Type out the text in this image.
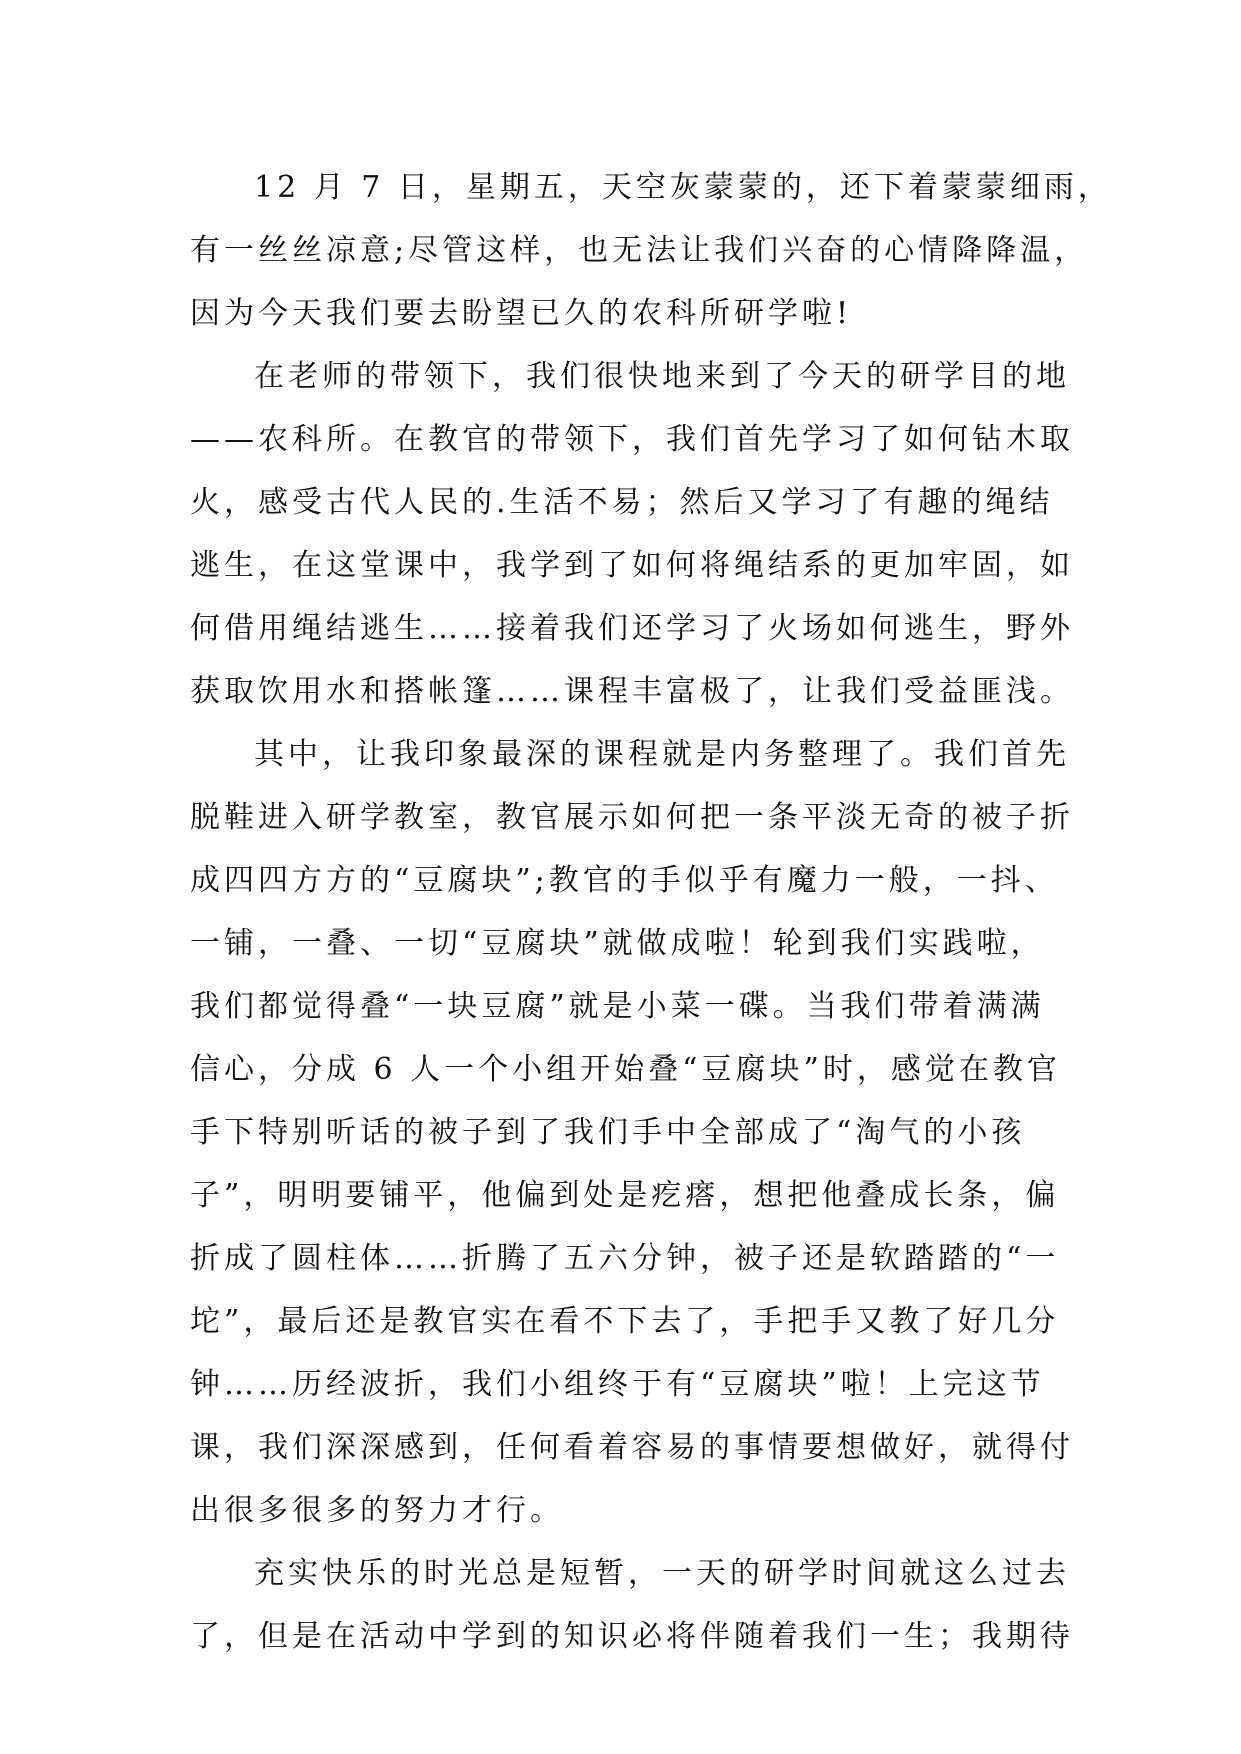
12 月 7 日，星期五，天空灰蒙蒙的，还下着蒙蒙细雨，
有一丝丝凉意;尽管这样，也无法让我们兴奋的心情降降温，
因为今天我们要去盼望已久的农科所研学啦!

在老师的带领下，我们很快地来到了今天的研学目的地
——农科所。在教官的带领下，我们首先学习了如何钻木取
火，感受古代人民的.生活不易；然后又学习了有趣的绳结
逃生，在这堂课中，我学到了如何将绳结系的更加牢固，如
何借用绳结逃生……接着我们还学习了火场如何逃生，野外
获取饮用水和搭帐篷……课程丰富极了，让我们受益匪浅。

其中，让我印象最深的课程就是内务整理了。我们首先
脱鞋进入研学教室，教官展示如何把一条平淡无奇的被子折
成四四方方的“豆腐块”;教官的手似乎有魔力一般，一抖、
一铺，一叠、一切“豆腐块”就做成啦！轮到我们实践啦，
我们都觉得叠“一块豆腐”就是小菜一碟。当我们带着满满
信心，分成 6 人一个小组开始叠“豆腐块”时，感觉在教官
手下特别听话的被子到了我们手中全部成了“淘气的小孩
子”，明明要铺平，他偏到处是疙瘩，想把他叠成长条，偏
折成了圆柱体……折腾了五六分钟，被子还是软踏踏的“一
坨”，最后还是教官实在看不下去了，手把手又教了好几分
钟……历经波折，我们小组终于有“豆腐块”啦！上完这节
课，我们深深感到，任何看着容易的事情要想做好，就得付
出很多很多的努力才行。

充实快乐的时光总是短暂，一天的研学时间就这么过去
了，但是在活动中学到的知识必将伴随着我们一生；我期待
